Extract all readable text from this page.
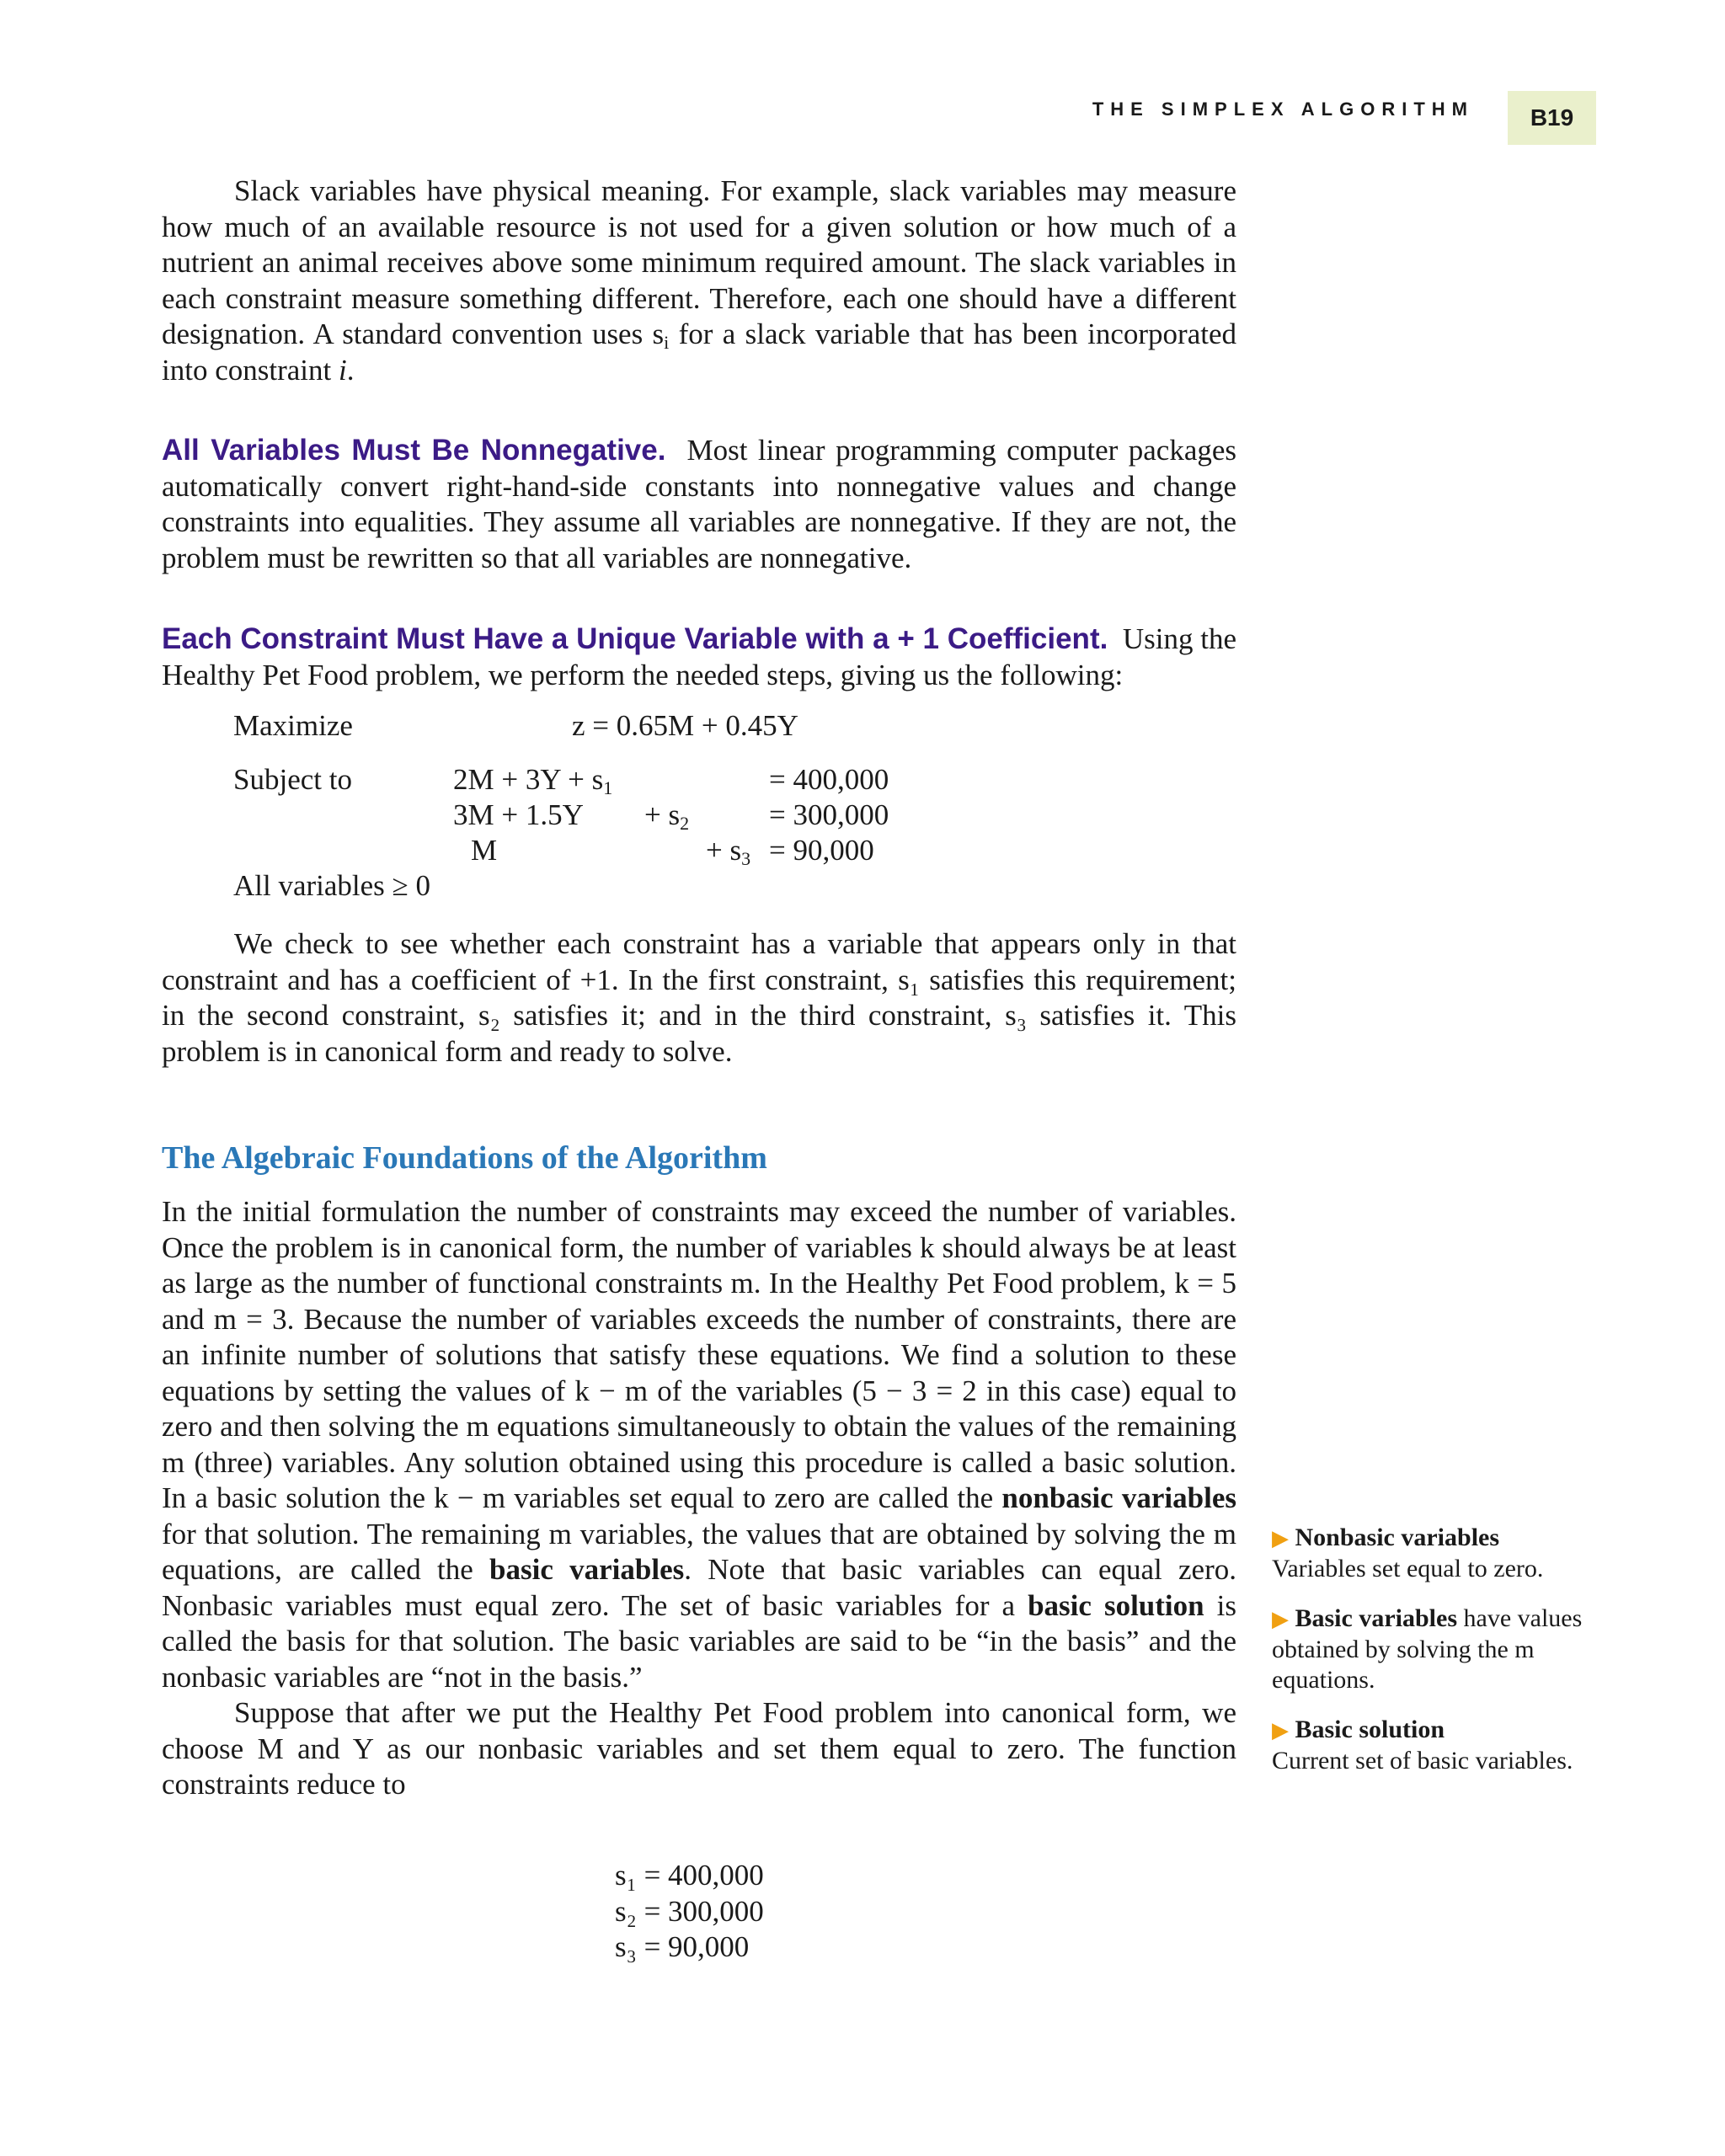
THE SIMPLEX ALGORITHM	B19

Slack variables have physical meaning. For example, slack variables may measure how much of an available resource is not used for a given solution or how much of a nutrient an animal receives above some minimum required amount. The slack variables in each constraint measure something different. Therefore, each one should have a different designation. A standard convention uses $s_i$ for a slack variable that has been incorporated into constraint i.

All Variables Must Be Nonnegative. Most linear programming computer packages automatically convert right-hand-side constants into nonnegative values and change constraints into equalities. They assume all variables are nonnegative. If they are not, the problem must be rewritten so that all variables are nonnegative.

Each Constraint Must Have a Unique Variable with a + 1 Coefficient. Using the Healthy Pet Food problem, we perform the needed steps, giving us the following:

Maximize	z = 0.65M + 0.45Y
Subject to	$2M + 3Y + s_1$	= 400,000
$3M + 1.5Y + s_2$	= 300,000
M	+ $s_3 = 90,000$
All variables ≥ 0

We check to see whether each constraint has a variable that appears only in that constraint and has a coefficient of +1. In the first constraint, s₁ satisfies this requirement; in the second constraint, s₂ satisfies it; and in the third constraint, s₃ satisfies it. This problem is in canonical form and ready to solve.

The Algebraic Foundations of the Algorithm

In the initial formulation the number of constraints may exceed the number of variables. Once the problem is in canonical form, the number of variables k should always be at least as large as the number of functional constraints m. In the Healthy Pet Food problem, k = 5 and m = 3. Because the number of variables exceeds the number of constraints, there are an infinite number of solutions that satisfy these equations. We find a solution to these equations by setting the values of k − m of the variables (5 − 3 = 2 in this case) equal to zero and then solving the m equations simultaneously to obtain the values of the remaining m (three) variables. Any solution obtained using this procedure is called a basic solution. In a basic solution the k − m variables set equal to zero are called the nonbasic variables for that solution. The remaining m variables, the values that are obtained by solving the m equations, are called the basic variables. Note that basic variables can equal zero. Nonbasic variables must equal zero. The set of basic variables for a basic solution is called the basis for that solution. The basic variables are said to be “in the basis” and the nonbasic variables are “not in the basis.”

Suppose that after we put the Healthy Pet Food problem into canonical form, we choose M and Y as our nonbasic variables and set them equal to zero. The function constraints reduce to

s₁ = 400,000
s₂ = 300,000
s₃ = 90,000
▶ Nonbasic variables
Variables set equal to zero.
▶ Basic variables have values obtained by solving the m equations.
▶ Basic solution
Current set of basic variables.
